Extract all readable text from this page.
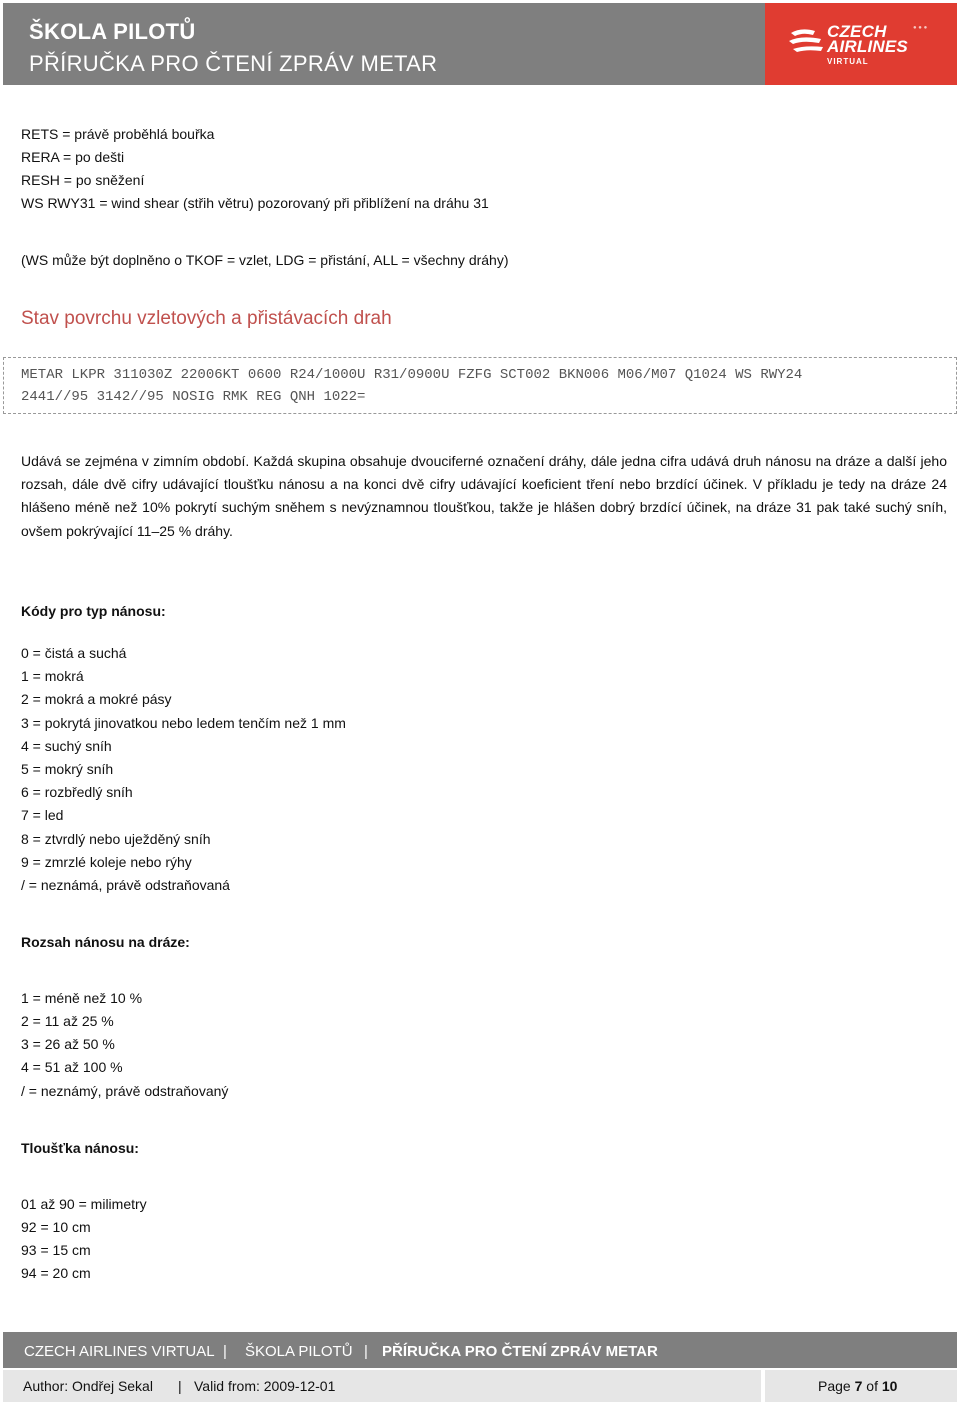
ŠKOLA PILOTŮ
PŘÍRUČKA PRO ČTENÍ ZPRÁV METAR
CZECH
AIRLINES
VIRTUAL
● ● ●
RETS = právě proběhlá bouřka
RERA = po dešti
RESH = po sněžení
WS RWY31 = wind shear (střih větru) pozorovaný při přiblížení na dráhu 31
(WS může být doplněno o TKOF = vzlet, LDG = přistání, ALL = všechny dráhy)
Stav povrchu vzletových a přistávacích drah
METAR LKPR 311030Z 22006KT 0600 R24/1000U R31/0900U FZFG SCT002 BKN006 M06/M07 Q1024 WS RWY24
2441//95 3142//95 NOSIG RMK REG QNH 1022=
Udává se zejména v zimním období. Každá skupina obsahuje dvouciferné označení dráhy, dále jedna cifra udává druh nánosu na dráze a další jeho rozsah, dále dvě cifry udávající tloušťku nánosu a na konci dvě cifry udávající koeficient tření nebo brzdící účinek. V příkladu je tedy na dráze 24 hlášeno méně než 10% pokrytí suchým sněhem s nevýznamnou tloušťkou, takže je hlášen dobrý brzdící účinek, na dráze 31 pak také suchý sníh, ovšem pokrývající 11–25 % dráhy.
Kódy pro typ nánosu:
0 = čistá a suchá
1 = mokrá
2 = mokrá a mokré pásy
3 = pokrytá jinovatkou nebo ledem tenčím než 1 mm
4 = suchý sníh
5 = mokrý sníh
6 = rozbředlý sníh
7 = led
8 = ztvrdlý nebo uježděný sníh
9 = zmrzlé koleje nebo rýhy
/ = neznámá, právě odstraňovaná
Rozsah nánosu na dráze:
1 = méně než 10 %
2 = 11 až 25 %
3 = 26 až 50 %
4 = 51 až 100 %
/ = neznámý, právě odstraňovaný
Tloušťka nánosu:
01 až 90 = milimetry
92 = 10 cm
93 = 15 cm
94 = 20 cm
CZECH AIRLINES VIRTUAL | ŠKOLA PILOTŮ | PŘÍRUČKA PRO ČTENÍ ZPRÁV METAR
Author: Ondřej Sekal | Valid from: 2009-12-01	Page 7 of 10
